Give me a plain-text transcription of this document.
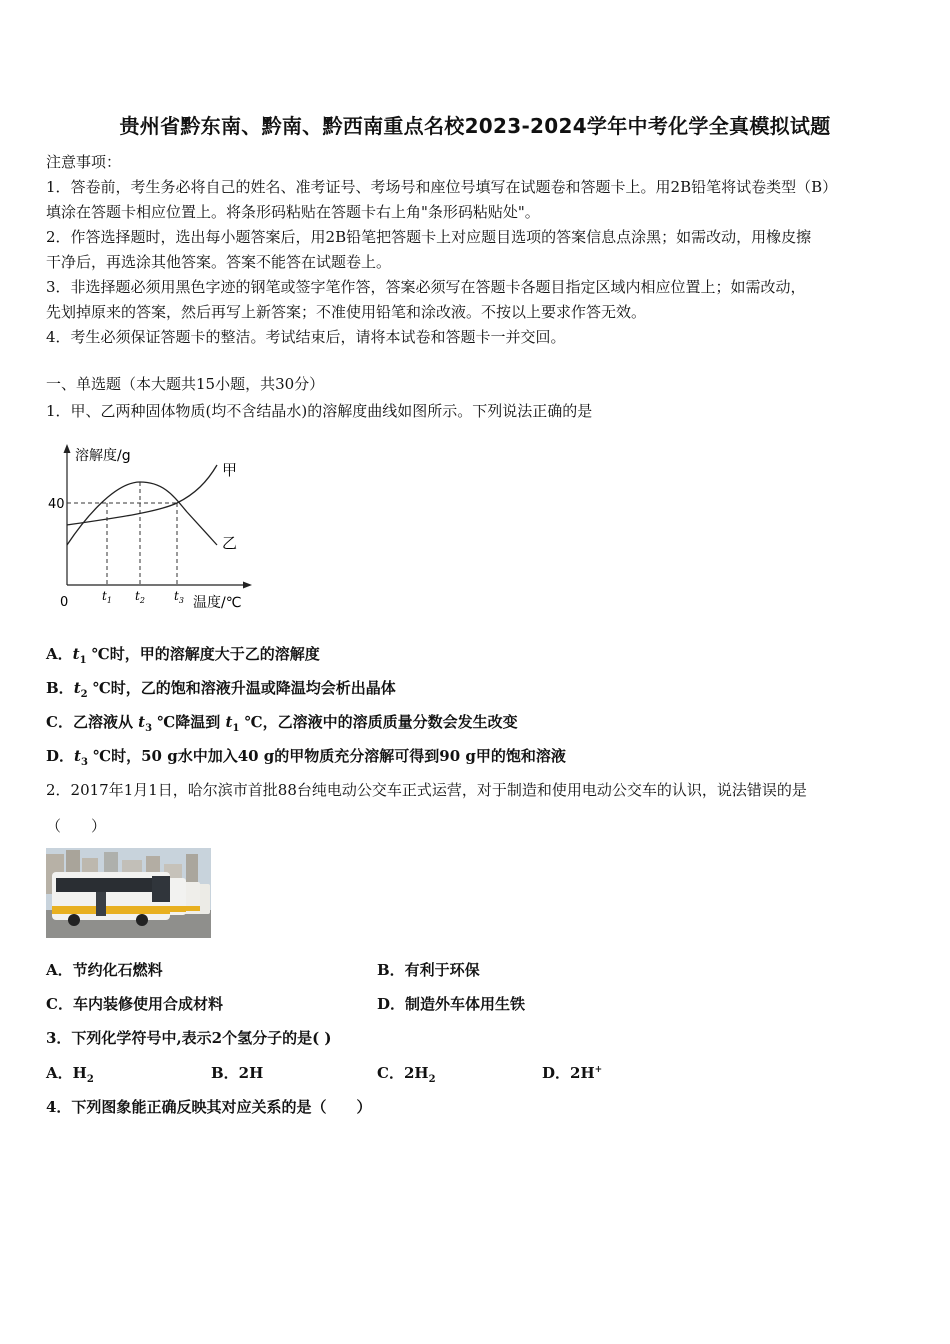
贵州省黔东南、黔南、黔西南重点名校2023-2024学年中考化学全真模拟试题

注意事项：

1．答卷前，考生务必将自己的姓名、准考证号、考场号和座位号填写在试题卷和答题卡上。用2B铅笔将试卷类型（B）

填涂在答题卡相应位置上。将条形码粘贴在答题卡右上角"条形码粘贴处"。

2．作答选择题时，选出每小题答案后，用2B铅笔把答题卡上对应题目选项的答案信息点涂黑；如需改动，用橡皮擦

干净后，再选涂其他答案。答案不能答在试题卷上。

3．非选择题必须用黑色字迹的钢笔或签字笔作答，答案必须写在答题卡各题目指定区域内相应位置上；如需改动，

先划掉原来的答案，然后再写上新答案；不准使用铅笔和涂改液。不按以上要求作答无效。

4．考生必须保证答题卡的整洁。考试结束后，请将本试卷和答题卡一并交回。

一、单选题（本大题共15小题，共30分）
1．甲、乙两种固体物质(均不含结晶水)的溶解度曲线如图所示。下列说法正确的是
溶解度/g
40
0	$t_1$ $t_2$ $t_3$ 温度/℃
甲
乙
A．$t_1$ ℃时，甲的溶解度大于乙的溶解度
B．$t_2$ ℃时，乙的饱和溶液升温或降温均会析出晶体
C．乙溶液从 $t_3$ ℃降温到 $t_1$ ℃，乙溶液中的溶质质量分数会发生改变
D．$t_3$ ℃时，50 g水中加入40 g的甲物质充分溶解可得到90 g甲的饱和溶液
2．2017年1月1日，哈尔滨市首批88台纯电动公交车正式运营，对于制造和使用电动公交车的认识，说法错误的是
（　　）
A．节约化石燃料	B．有利于环保
C．车内装修使用合成材料	D．制造外车体用生铁
3．下列化学符号中,表示2个氢分子的是( )
A．$H_2$	B．2H	C．$2H_2$	D．2H+
4．下列图象能正确反映其对应关系的是（　　）
